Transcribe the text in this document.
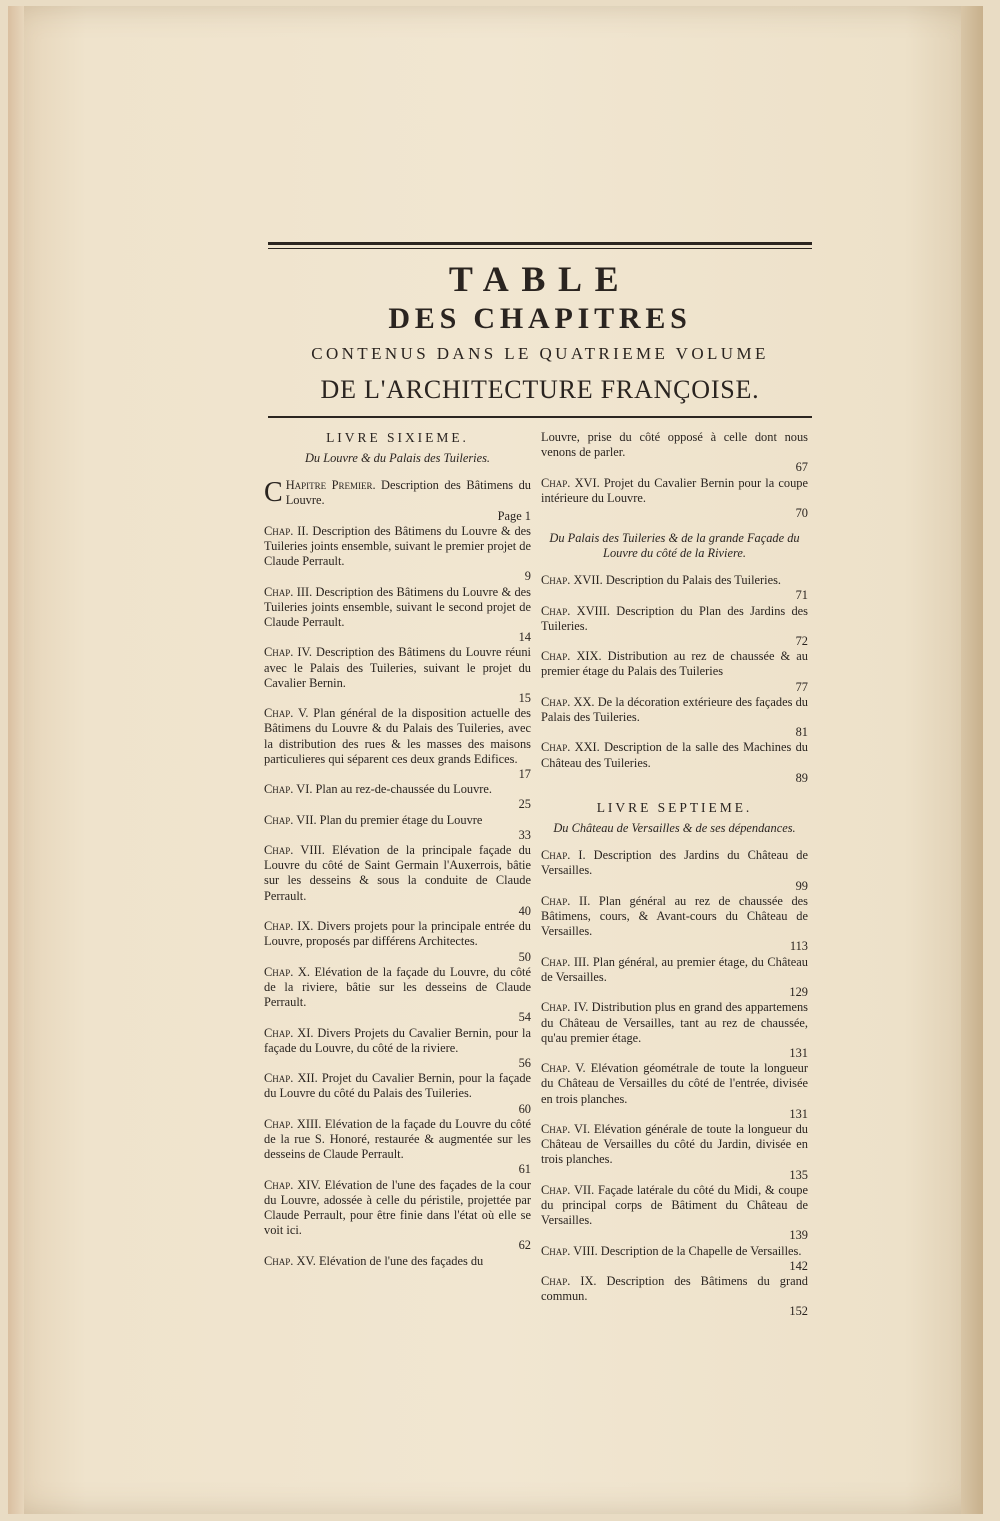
TABLE
DES CHAPITRES
CONTENUS DANS LE QUATRIEME VOLUME
DE L'ARCHITECTURE FRANÇOISE.
LIVRE SIXIEME.
Du Louvre & du Palais des Tuileries.
C Hapitre Premier. Description des Bâtimens du Louvre.
Page 1
Chap. II. Description des Bâtimens du Louvre & des Tuileries joints ensemble, suivant le premier projet de Claude Perrault.
9
Chap. III. Description des Bâtimens du Louvre & des Tuileries joints ensemble, suivant le second projet de Claude Perrault.
14
Chap. IV. Description des Bâtimens du Louvre réuni avec le Palais des Tuileries, suivant le projet du Cavalier Bernin.
15
Chap. V. Plan général de la disposition actuelle des Bâtimens du Louvre & du Palais des Tuileries, avec la distribution des rues & les masses des maisons particulieres qui séparent ces deux grands Edifices.
17
Chap. VI. Plan au rez-de-chaussée du Louvre.
25
Chap. VII. Plan du premier étage du Louvre
33
Chap. VIII. Elévation de la principale façade du Louvre du côté de Saint Germain l'Auxerrois, bâtie sur les desseins & sous la conduite de Claude Perrault.
40
Chap. IX. Divers projets pour la principale entrée du Louvre, proposés par différens Architectes.
50
Chap. X. Elévation de la façade du Louvre, du côté de la riviere, bâtie sur les desseins de Claude Perrault.
54
Chap. XI. Divers Projets du Cavalier Bernin, pour la façade du Louvre, du côté de la riviere.
56
Chap. XII. Projet du Cavalier Bernin, pour la façade du Louvre du côté du Palais des Tuileries.
60
Chap. XIII. Elévation de la façade du Louvre du côté de la rue S. Honoré, restaurée & augmentée sur les desseins de Claude Perrault.
61
Chap. XIV. Elévation de l'une des façades de la cour du Louvre, adossée à celle du péristile, projettée par Claude Perrault, pour être finie dans l'état où elle se voit ici.
62
Chap. XV. Elévation de l'une des façades du
Louvre, prise du côté opposé à celle dont nous venons de parler.
67
Chap. XVI. Projet du Cavalier Bernin pour la coupe intérieure du Louvre.
70
Du Palais des Tuileries & de la grande Façade du Louvre du côté de la Riviere.
Chap. XVII. Description du Palais des Tuileries.
71
Chap. XVIII. Description du Plan des Jardins des Tuileries.
72
Chap. XIX. Distribution au rez de chaussée & au premier étage du Palais des Tuileries
77
Chap. XX. De la décoration extérieure des façades du Palais des Tuileries.
81
Chap. XXI. Description de la salle des Machines du Château des Tuileries.
89
LIVRE SEPTIEME.
Du Château de Versailles & de ses dépendances.
Chap. I. Description des Jardins du Château de Versailles.
99
Chap. II. Plan général au rez de chaussée des Bâtimens, cours, & Avant-cours du Château de Versailles.
113
Chap. III. Plan général, au premier étage, du Château de Versailles.
129
Chap. IV. Distribution plus en grand des appartemens du Château de Versailles, tant au rez de chaussée, qu'au premier étage.
131
Chap. V. Elévation géométrale de toute la longueur du Château de Versailles du côté de l'entrée, divisée en trois planches.
131
Chap. VI. Elévation générale de toute la longueur du Château de Versailles du côté du Jardin, divisée en trois planches.
135
Chap. VII. Façade latérale du côté du Midi, & coupe du principal corps de Bâtiment du Château de Versailles.
139
Chap. VIII. Description de la Chapelle de Versailles.
142
Chap. IX. Description des Bâtimens du grand commun.
152
